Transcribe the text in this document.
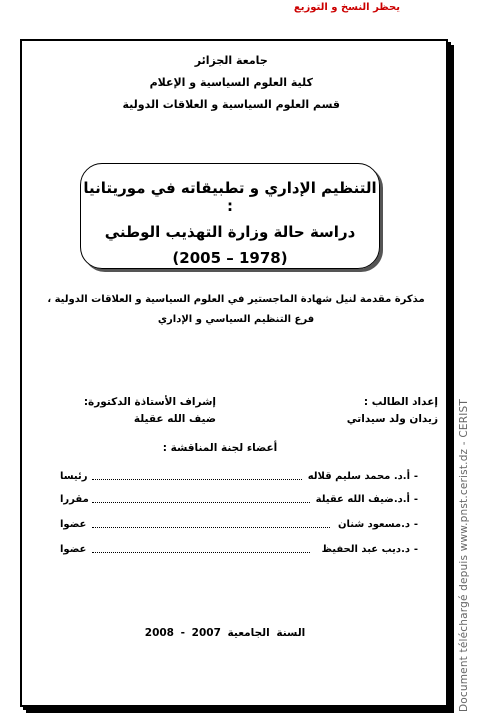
يحظر النسخ و التوزيع
Document téléchargé depuis www.pnst.cerist.dz - CERIST
جامعة الجزائر
كلية العلوم السياسية و الإعلام
قسم العلوم السياسية و العلاقات الدولية
التنظيم الإداري و تطبيقاته في موريتانيا :
دراسة حالة وزارة التهذيب الوطني
(1978 – 2005)
مذكرة مقدمة لنيل شهادة الماجستير في العلوم السياسية و العلاقات الدولية ،
فرع التنظيم السياسي و الإداري
إعداد الطالب :
زيدان ولد سيداتي
إشراف الأستاذة الدكتورة:
ضيف الله عقيلة
أعضاء لجنة المناقشة :
-
أ.د. محمد سليم قلاله
رئيسا
-
أ.د.ضيف الله عقيلة
مقررا
-
د.مسعود شنان
عضوا
-
د.ديب عبد الحفيظ
عضوا
السنة الجامعية 2007 - 2008
